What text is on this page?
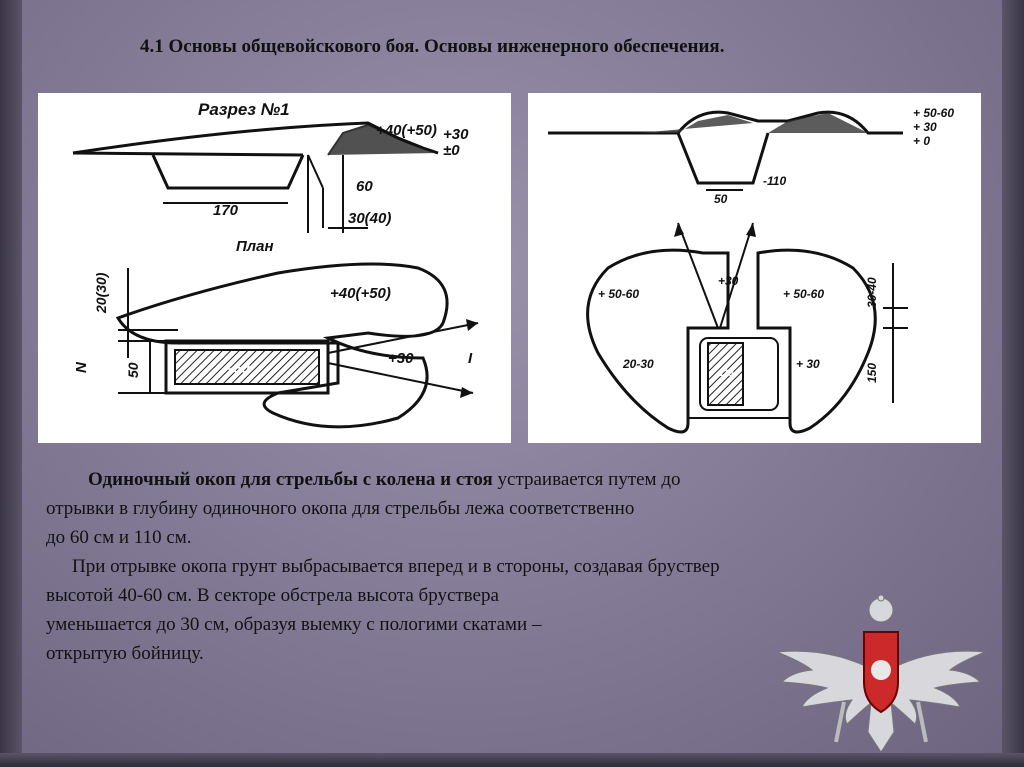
4.1 Основы общевойскового боя. Основы инженерного обеспечения.
Разрез №1
+40(+50) +30
±0
60
170	30(40)
План
-60
20(30)
N	50
+40(+50)
+30	I
50
-110
+ 50-60
+ 30
+ 0
-110
+30
+ 50-60	+ 50-60
20-30	+ 30
30-40
150

Одиночный окоп для стрельбы с колена и стоя устраивается путем до

отрывки в глубину одиночного окопа для стрельбы лежа соответственно

до 60 см и 110 см.

При отрывке окопа грунт выбрасывается вперед и в стороны, создавая бруствер

высотой 40-60 см. В секторе обстрела высота бруствера

уменьшается до 30 см, образуя выемку с пологими скатами –

открытую бойницу.
